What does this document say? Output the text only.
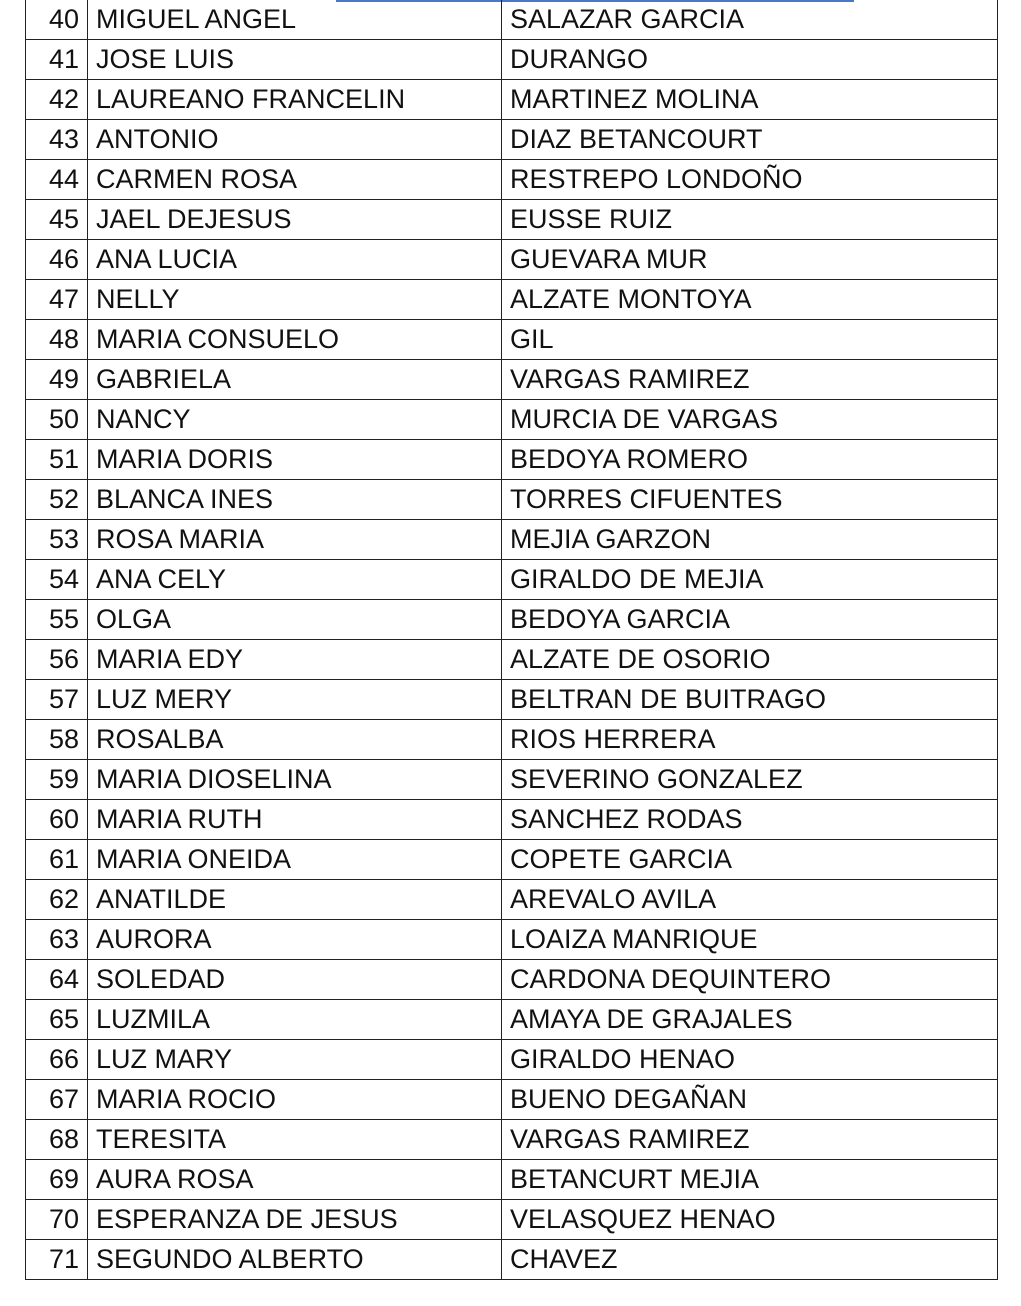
40	MIGUEL ANGEL	SALAZAR GARCIA
41	JOSE LUIS	DURANGO
42	LAUREANO FRANCELIN	MARTINEZ MOLINA
43	ANTONIO	DIAZ BETANCOURT
44	CARMEN ROSA	RESTREPO LONDOÑO
45	JAEL DEJESUS	EUSSE RUIZ
46	ANA LUCIA	GUEVARA MUR
47	NELLY	ALZATE MONTOYA
48	MARIA CONSUELO	GIL
49	GABRIELA	VARGAS RAMIREZ
50	NANCY	MURCIA DE VARGAS
51	MARIA DORIS	BEDOYA ROMERO
52	BLANCA INES	TORRES CIFUENTES
53	ROSA MARIA	MEJIA GARZON
54	ANA CELY	GIRALDO DE MEJIA
55	OLGA	BEDOYA GARCIA
56	MARIA EDY	ALZATE DE OSORIO
57	LUZ MERY	BELTRAN DE BUITRAGO
58	ROSALBA	RIOS HERRERA
59	MARIA DIOSELINA	SEVERINO GONZALEZ
60	MARIA RUTH	SANCHEZ RODAS
61	MARIA ONEIDA	COPETE GARCIA
62	ANATILDE	AREVALO AVILA
63	AURORA	LOAIZA MANRIQUE
64	SOLEDAD	CARDONA DEQUINTERO
65	LUZMILA	AMAYA DE GRAJALES
66	LUZ MARY	GIRALDO HENAO
67	MARIA ROCIO	BUENO DEGAÑAN
68	TERESITA	VARGAS RAMIREZ
69	AURA ROSA	BETANCURT MEJIA
70	ESPERANZA DE JESUS	VELASQUEZ HENAO
71	SEGUNDO ALBERTO	CHAVEZ
